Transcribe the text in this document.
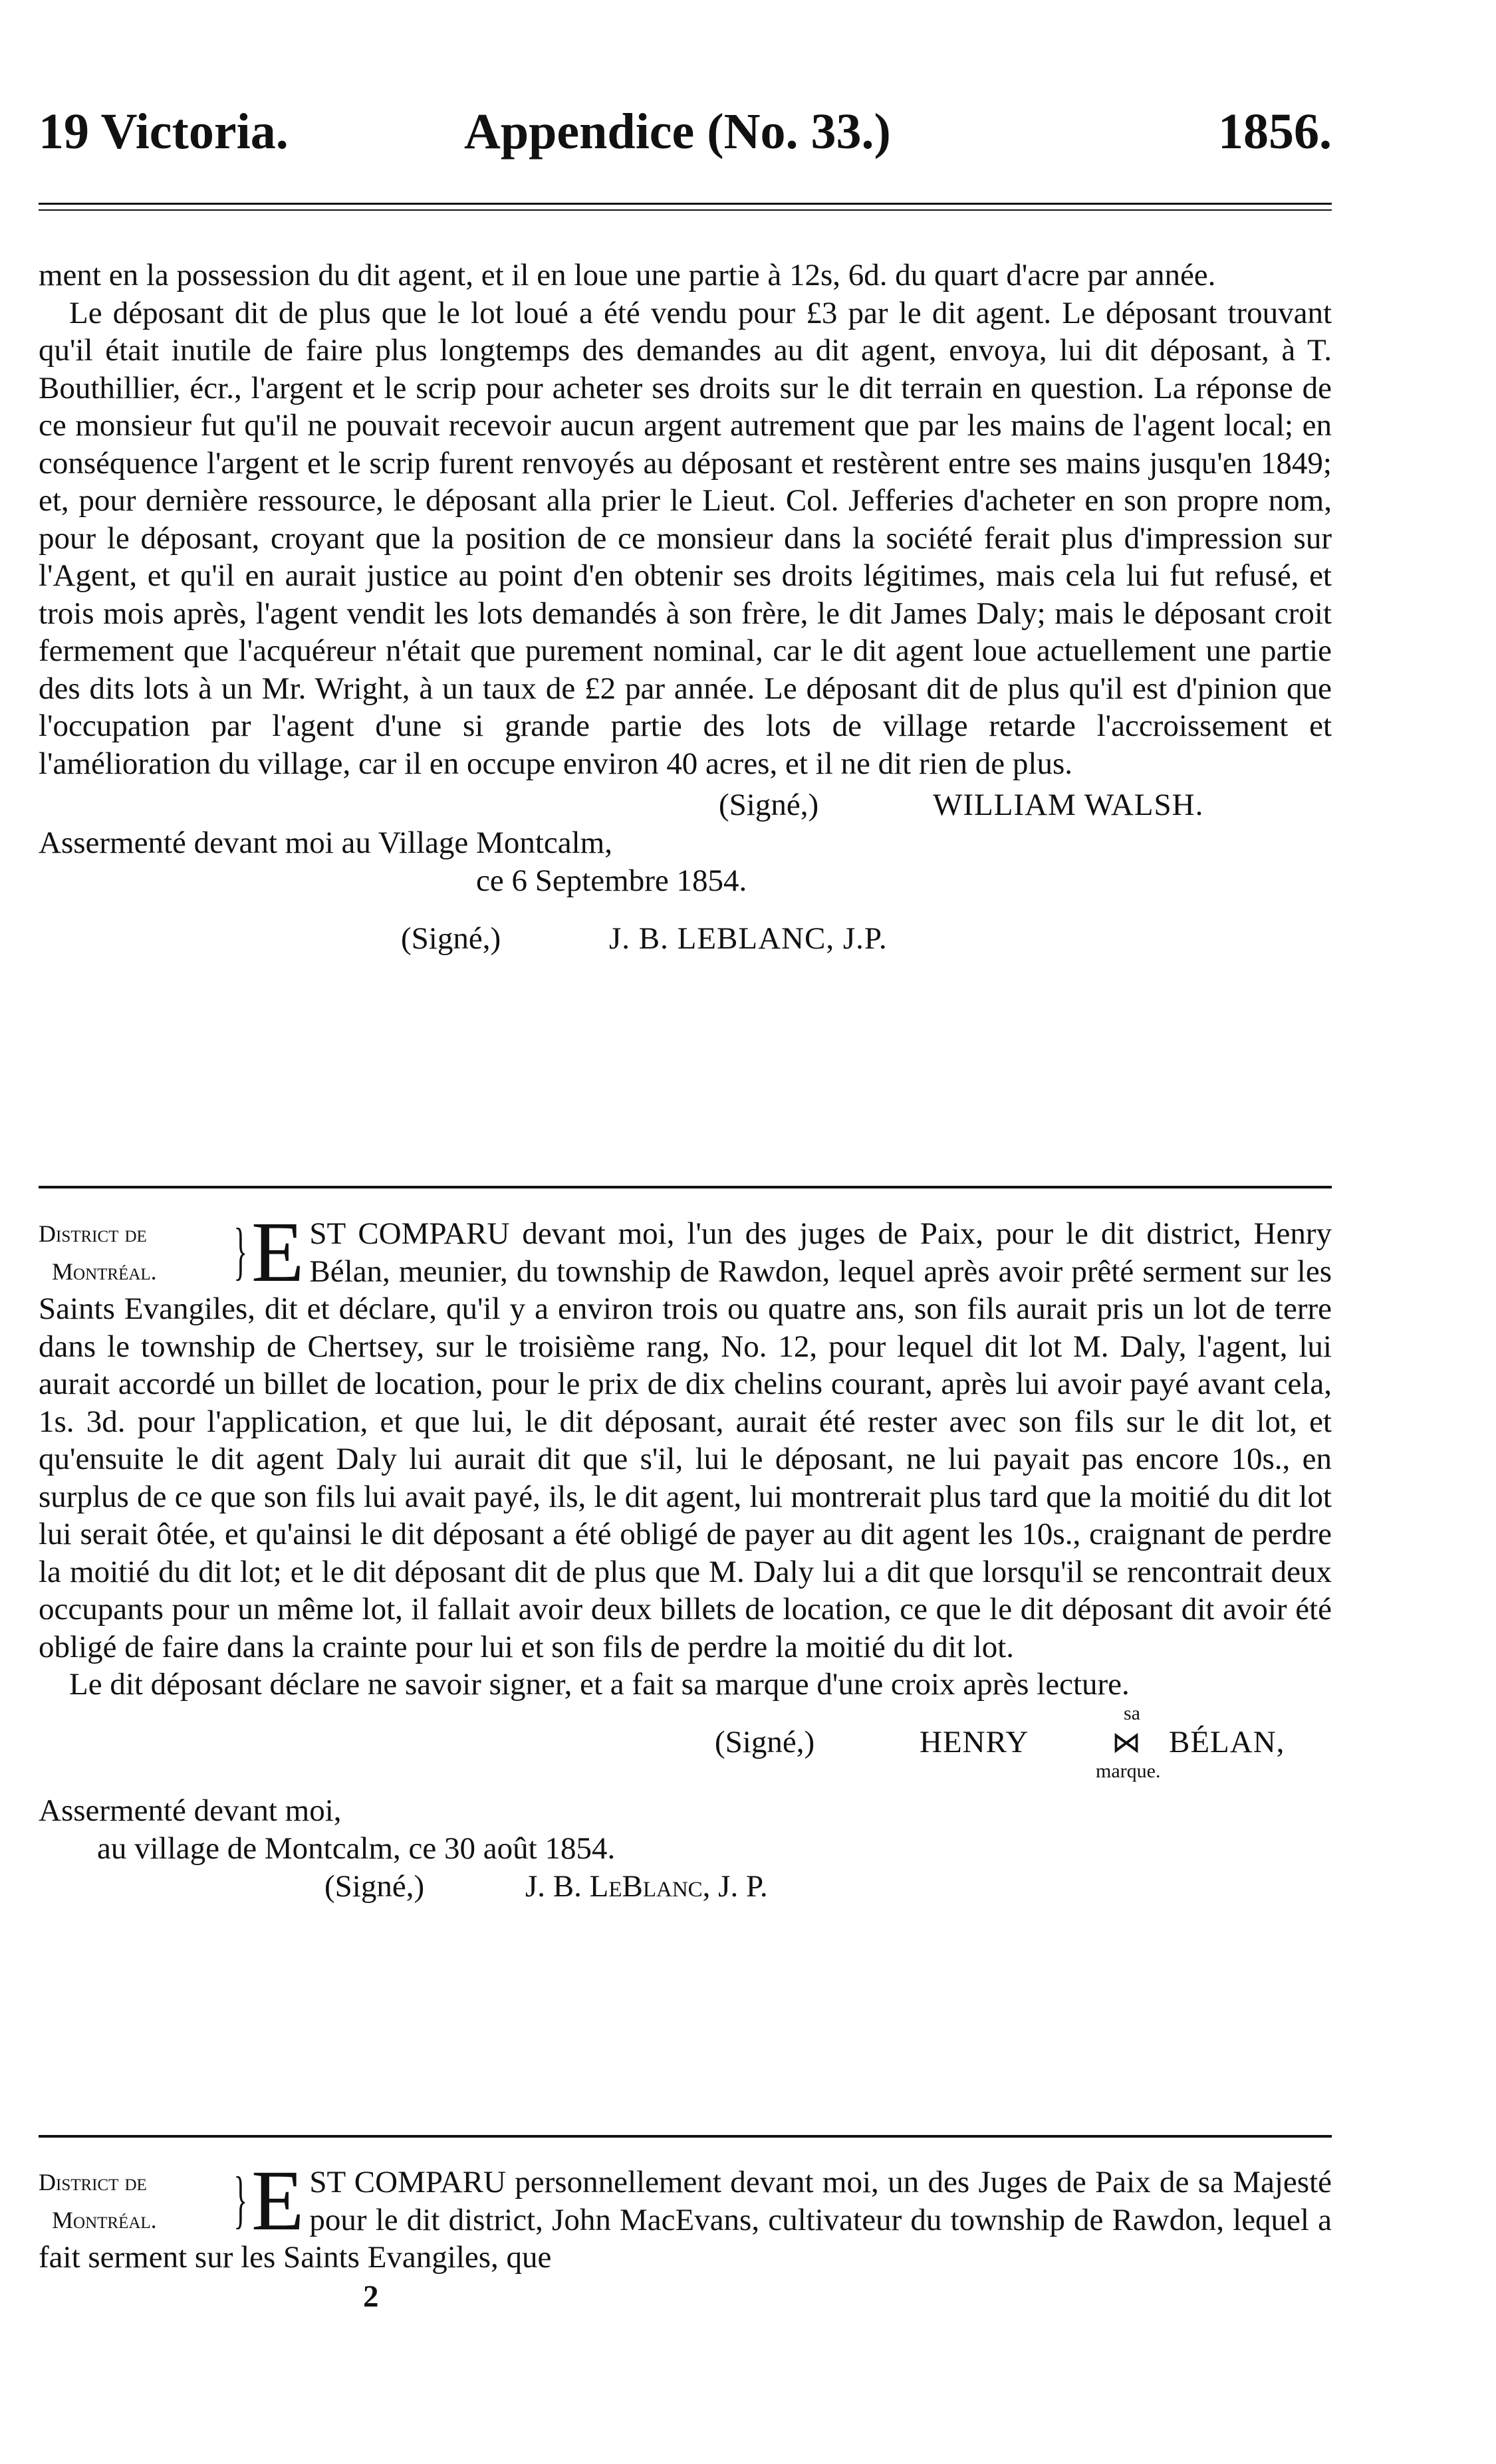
19 Victoria.	Appendice (No. 33.)	1856.

ment en la possession du dit agent, et il en loue une partie à 12s, 6d. du quart d'acre par année.

Le déposant dit de plus que le lot loué a été vendu pour £3 par le dit agent. Le déposant trouvant qu'il était inutile de faire plus longtemps des demandes au dit agent, envoya, lui dit déposant, à T. Bouthillier, écr., l'argent et le scrip pour acheter ses droits sur le dit terrain en question. La réponse de ce monsieur fut qu'il ne pouvait recevoir aucun argent autrement que par les mains de l'agent local; en conséquence l'argent et le scrip furent renvoyés au déposant et restèrent entre ses mains jusqu'en 1849; et, pour dernière ressource, le déposant alla prier le Lieut. Col. Jefferies d'acheter en son propre nom, pour le déposant, croyant que la position de ce monsieur dans la société ferait plus d'impression sur l'Agent, et qu'il en aurait justice au point d'en obtenir ses droits légitimes, mais cela lui fut refusé, et trois mois après, l'agent vendit les lots demandés à son frère, le dit James Daly; mais le déposant croit fermement que l'acquéreur n'était que purement nominal, car le dit agent loue actuellement une partie des dits lots à un Mr. Wright, à un taux de £2 par année. Le déposant dit de plus qu'il est d'pinion que l'occupation par l'agent d'une si grande partie des lots de village retarde l'accroissement et l'amélioration du village, car il en occupe environ 40 acres, et il ne dit rien de plus.

(Signé,)	WILLIAM WALSH.
Assermenté devant moi au Village Montcalm,
ce 6 Septembre 1854.
(Signé,)	J. B. LEBLANC, J.P.
District de
Montréal.	} E ST COMPARU devant moi, l'un des juges de Paix, pour le dit district, Henry Bélan, meunier, du township de Rawdon, lequel après avoir prêté serment sur les Saints Evangiles, dit et déclare, qu'il y a environ trois ou quatre ans, son fils aurait pris un lot de terre dans le township de Chertsey, sur le troisième rang, No. 12, pour lequel dit lot M. Daly, l'agent, lui aurait accordé un billet de location, pour le prix de dix chelins courant, après lui avoir payé avant cela, 1s. 3d. pour l'application, et que lui, le dit déposant, aurait été rester avec son fils sur le dit lot, et qu'ensuite le dit agent Daly lui aurait dit que s'il, lui le déposant, ne lui payait pas encore 10s., en surplus de ce que son fils lui avait payé, ils, le dit agent, lui montrerait plus tard que la moitié du dit lot lui serait ôtée, et qu'ainsi le dit déposant a été obligé de payer au dit agent les 10s., craignant de perdre la moitié du dit lot; et le dit déposant dit de plus que M. Daly lui a dit que lorsqu'il se rencontrait deux occupants pour un même lot, il fallait avoir deux billets de location, ce que le dit déposant dit avoir été obligé de faire dans la crainte pour lui et son fils de perdre la moitié du dit lot.

Le dit déposant déclare ne savoir signer, et a fait sa marque d'une croix après lecture.

sa
(Signé,)	HENRY	⋈ BÉLAN,
marque.
Assermenté devant moi,
au village de Montcalm, ce 30 août 1854.
(Signé,)	J. B. LeBlanc, J. P.
District de
Montréal.	} E ST COMPARU personnellement devant moi, un des Juges de Paix de sa Majesté pour le dit district, John MacEvans, cultivateur du township de Rawdon, lequel a fait serment sur les Saints Evangiles, que

2
